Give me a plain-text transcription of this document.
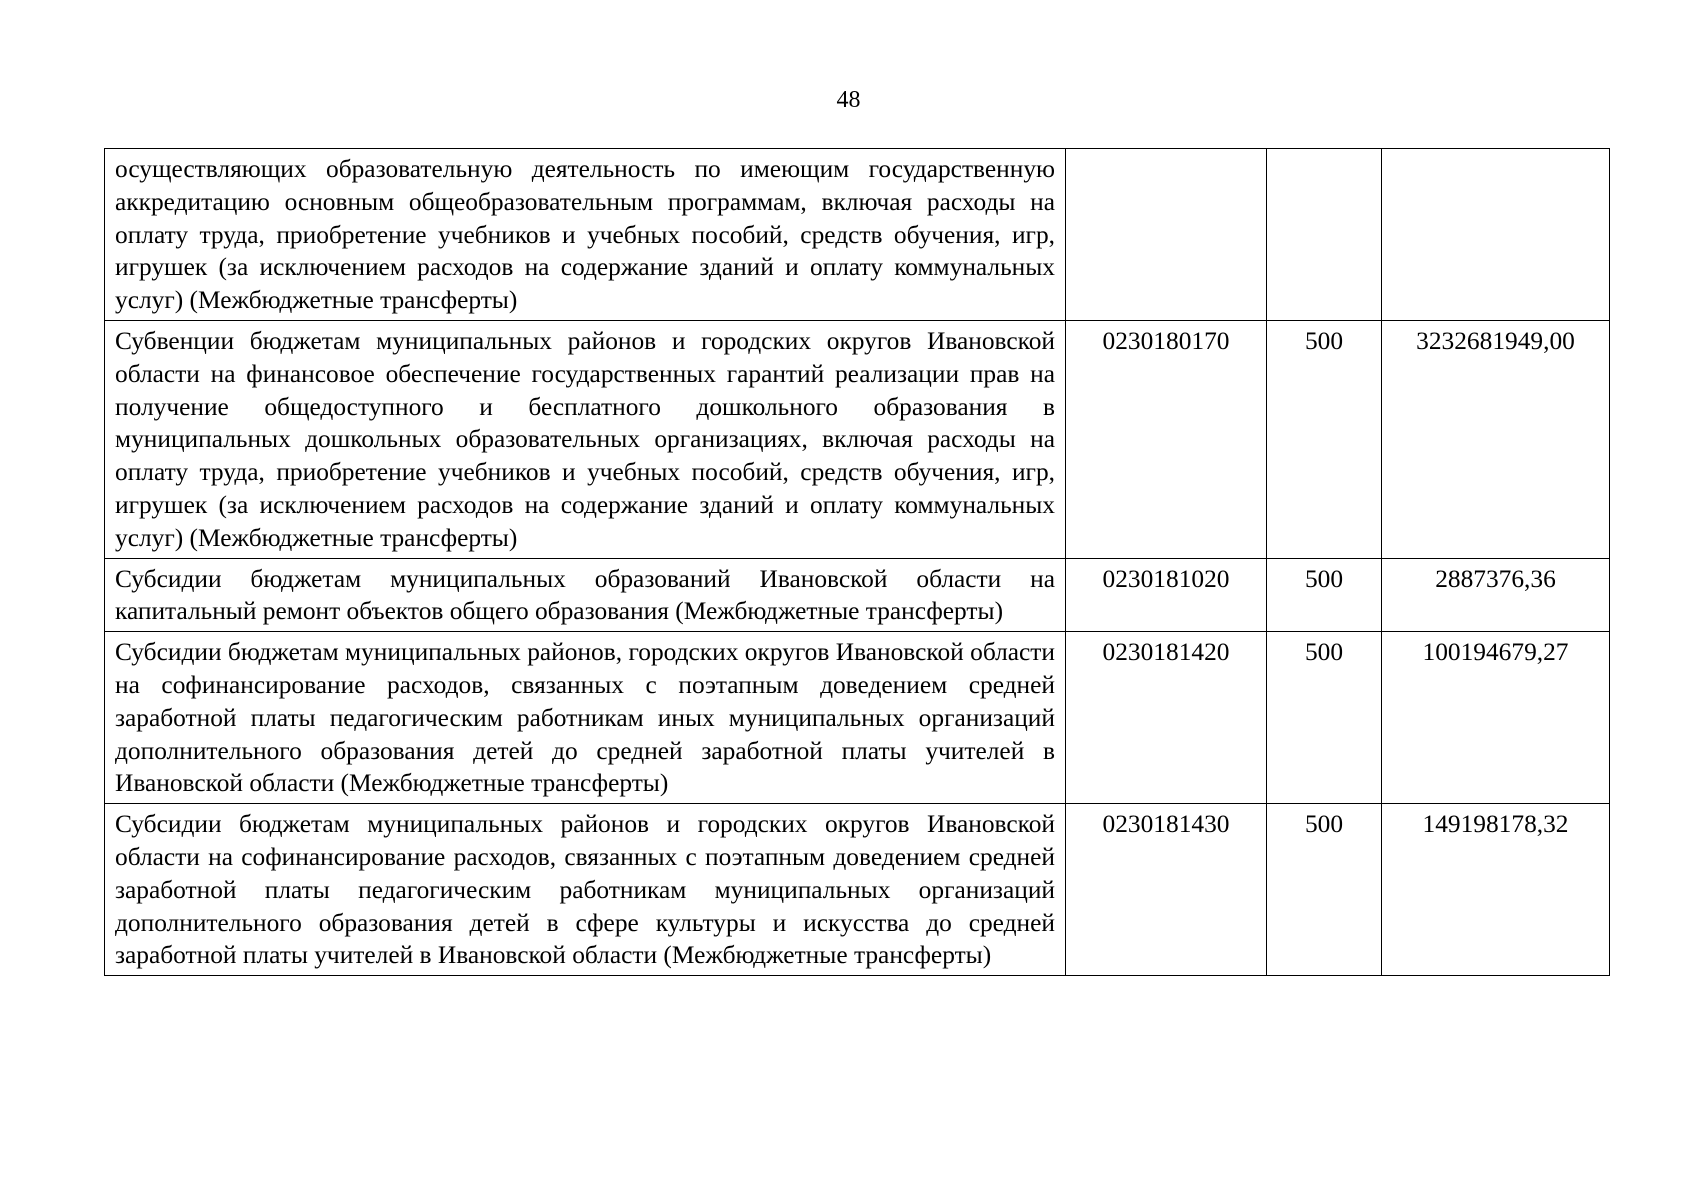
48
осуществляющих образовательную деятельность по имеющим государственную аккредитацию основным общеобразовательным программам, включая расходы на оплату труда, приобретение учебников и учебных пособий, средств обучения, игр, игрушек (за исключением расходов на содержание зданий и оплату коммунальных услуг) (Межбюджетные трансферты)			
Субвенции бюджетам муниципальных районов и городских округов Ивановской области на финансовое обеспечение государственных гарантий реализации прав на получение общедоступного и бесплатного дошкольного образования в муниципальных дошкольных образовательных организациях, включая расходы на оплату труда, приобретение учебников и учебных пособий, средств обучения, игр, игрушек (за исключением расходов на содержание зданий и оплату коммунальных услуг) (Межбюджетные трансферты)	0230180170	500	3232681949,00
Субсидии бюджетам муниципальных образований Ивановской области на капитальный ремонт объектов общего образования (Межбюджетные трансферты)	0230181020	500	2887376,36
Субсидии бюджетам муниципальных районов, городских округов Ивановской области на софинансирование расходов, связанных с поэтапным доведением средней заработной платы педагогическим работникам иных муниципальных организаций дополнительного образования детей до средней заработной платы учителей в Ивановской области (Межбюджетные трансферты)	0230181420	500	100194679,27
Субсидии бюджетам муниципальных районов и городских округов Ивановской области на софинансирование расходов, связанных с поэтапным доведением средней заработной платы педагогическим работникам муниципальных организаций дополнительного образования детей в сфере культуры и искусства до средней заработной платы учителей в Ивановской области (Межбюджетные трансферты)	0230181430	500	149198178,32
